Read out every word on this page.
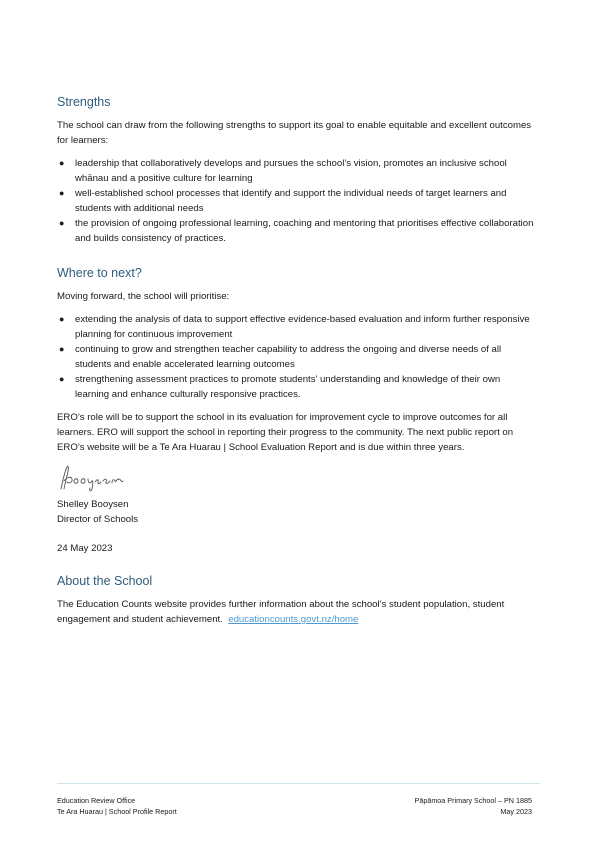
Strengths

The school can draw from the following strengths to support its goal to enable equitable and excellent outcomes for learners:

● leadership that collaboratively develops and pursues the school’s vision, promotes an inclusive school whānau and a positive culture for learning
● well-established school processes that identify and support the individual needs of target learners and students with additional needs
● the provision of ongoing professional learning, coaching and mentoring that prioritises effective collaboration and builds consistency of practices.
Where to next?

Moving forward, the school will prioritise:

● extending the analysis of data to support effective evidence-based evaluation and inform further responsive planning for continuous improvement
● continuing to grow and strengthen teacher capability to address the ongoing and diverse needs of all students and enable accelerated learning outcomes
● strengthening assessment practices to promote students’ understanding and knowledge of their own learning and enhance culturally responsive practices.

ERO’s role will be to support the school in its evaluation for improvement cycle to improve outcomes for all learners. ERO will support the school in reporting their progress to the community. The next public report on ERO’s website will be a Te Ara Huarau | School Evaluation Report and is due within three years.

Shelley Booysen

Director of Schools

24 May 2023

About the School

The Education Counts website provides further information about the school’s student population, student engagement and student achievement. educationcounts.govt.nz/home

Education Review Office
Te Ara Huarau | School Profile Report
Pāpāmoa Primary School – PN 1885
May 2023
